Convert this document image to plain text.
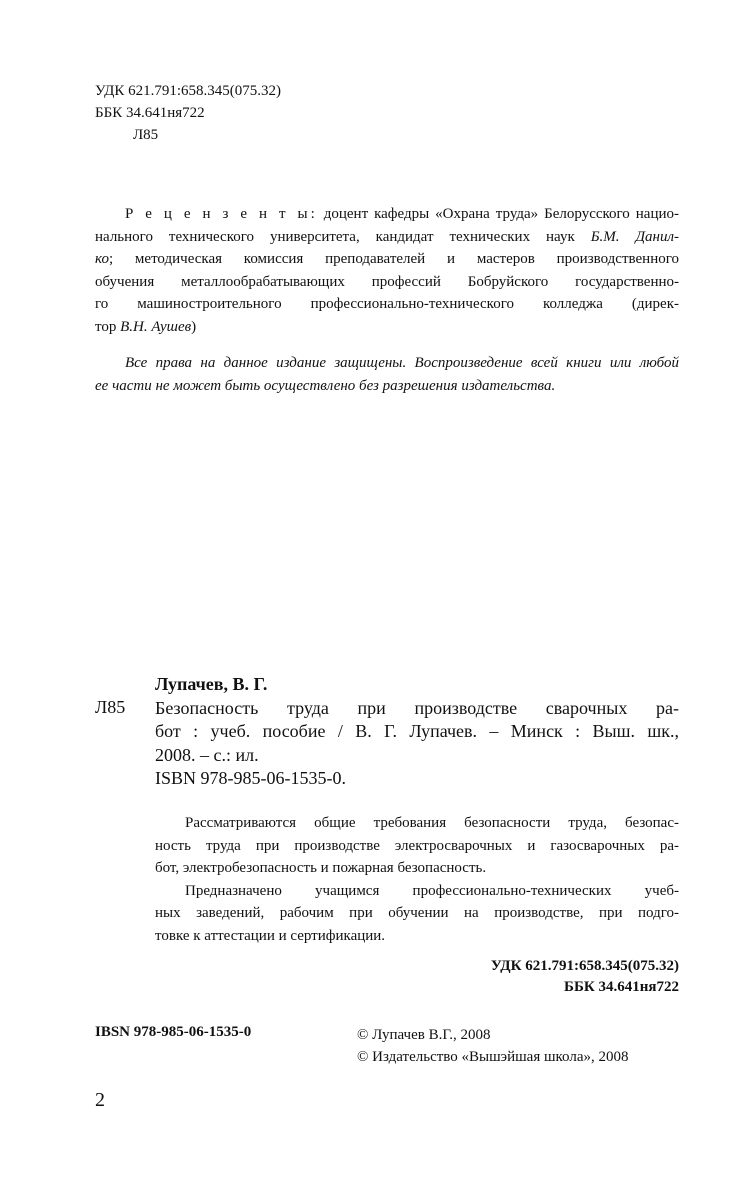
УДК 621.791:658.345(075.32)
ББК 34.641ня722
Л85
Р е ц е н з е н т ы: доцент кафедры «Охрана труда» Белорусского нацио-
нального технического университета, кандидат технических наук Б.М. Данил-
ко; методическая комиссия преподавателей и мастеров производственного
обучения металлообрабатывающих профессий Бобруйского государственно-
го машиностроительного профессионально-технического колледжа (дирек-
тор В.Н. Аушев)
Все права на данное издание защищены. Воспроизведение всей книги или любой
ее части не может быть осуществлено без разрешения издательства.
Л85
Лупачев, В. Г.
Безопасность труда при производстве сварочных ра-
бот : учеб. пособие / В. Г. Лупачев. – Минск : Выш. шк.,
2008. – с.: ил.
ISBN 978-985-06-1535-0.
Рассматриваются общие требования безопасности труда, безопас-
ность труда при производстве электросварочных и газосварочных ра-
бот, электробезопасность и пожарная безопасность.
Предназначено учащимся профессионально-технических учеб-
ных заведений, рабочим при обучении на производстве, при подго-
товке к аттестации и сертификации.
УДК 621.791:658.345(075.32)
ББК 34.641ня722
IBSN 978-985-06-1535-0	© Лупачев В.Г., 2008
© Издательство «Вышэйшая школа», 2008
2
